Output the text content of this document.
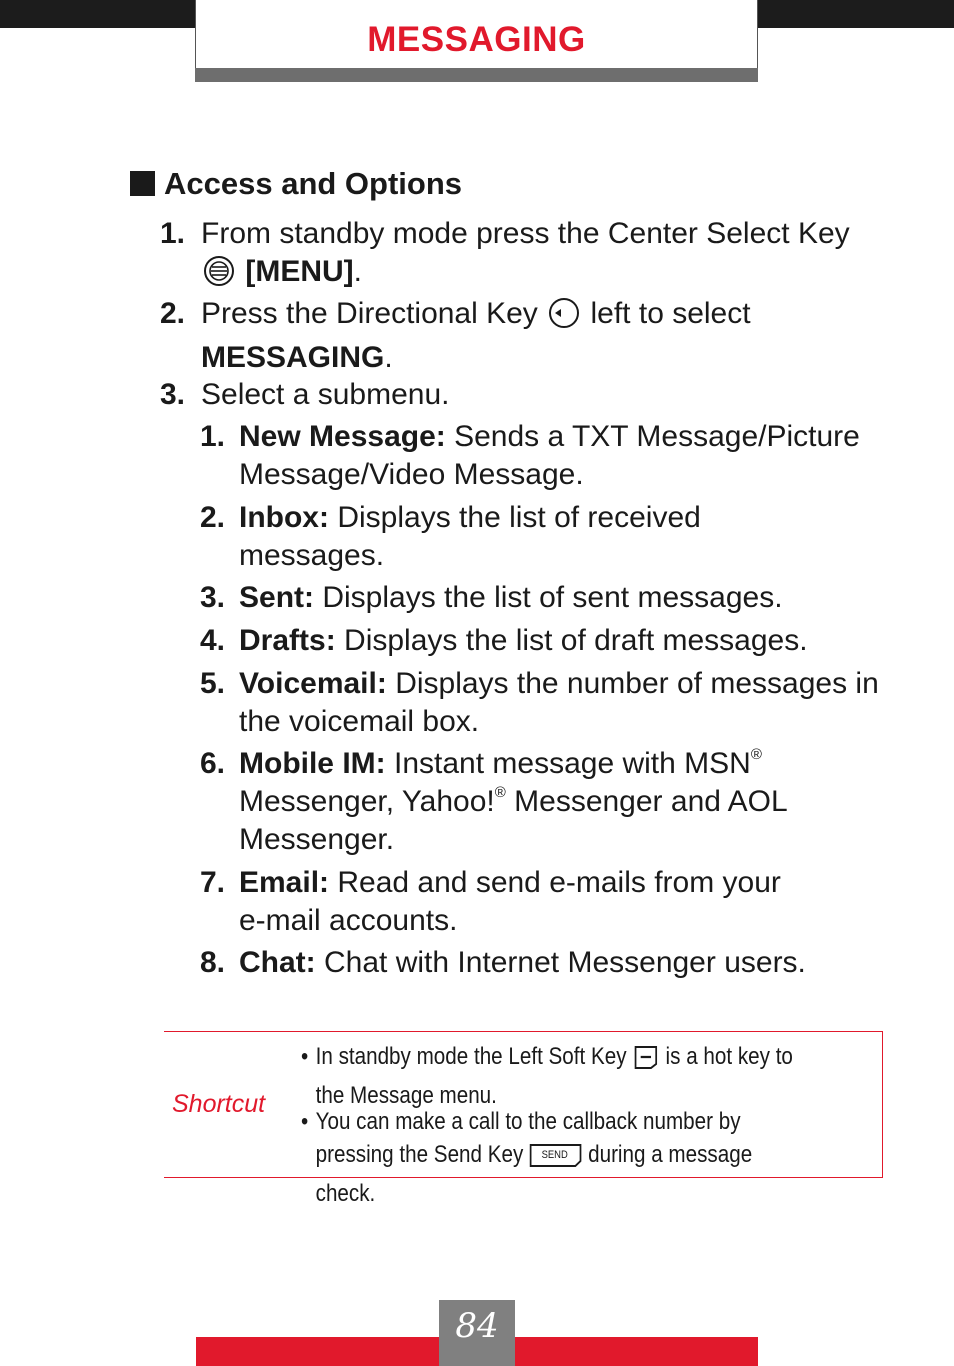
MESSAGING
Access and Options
1. From standby mode press the Center Select Key
[MENU].
2. Press the Directional Key left to select
MESSAGING.
3. Select a submenu.
1. New Message: Sends a TXT Message/Picture Message/Video Message.
2. Inbox: Displays the list of received messages.
3. Sent: Displays the list of sent messages.
4. Drafts: Displays the list of draft messages.
5. Voicemail: Displays the number of messages in the voicemail box.
6. Mobile IM: Instant message with MSN® Messenger, Yahoo!® Messenger and AOL Messenger.
7. Email: Read and send e-mails from your
e-mail accounts.
8. Chat: Chat with Internet Messenger users.
Shortcut
• In standby mode the Left Soft Key is a hot key to
the Message menu.
• You can make a call to the callback number by
pressing the Send Key SEND during a message check.
84
